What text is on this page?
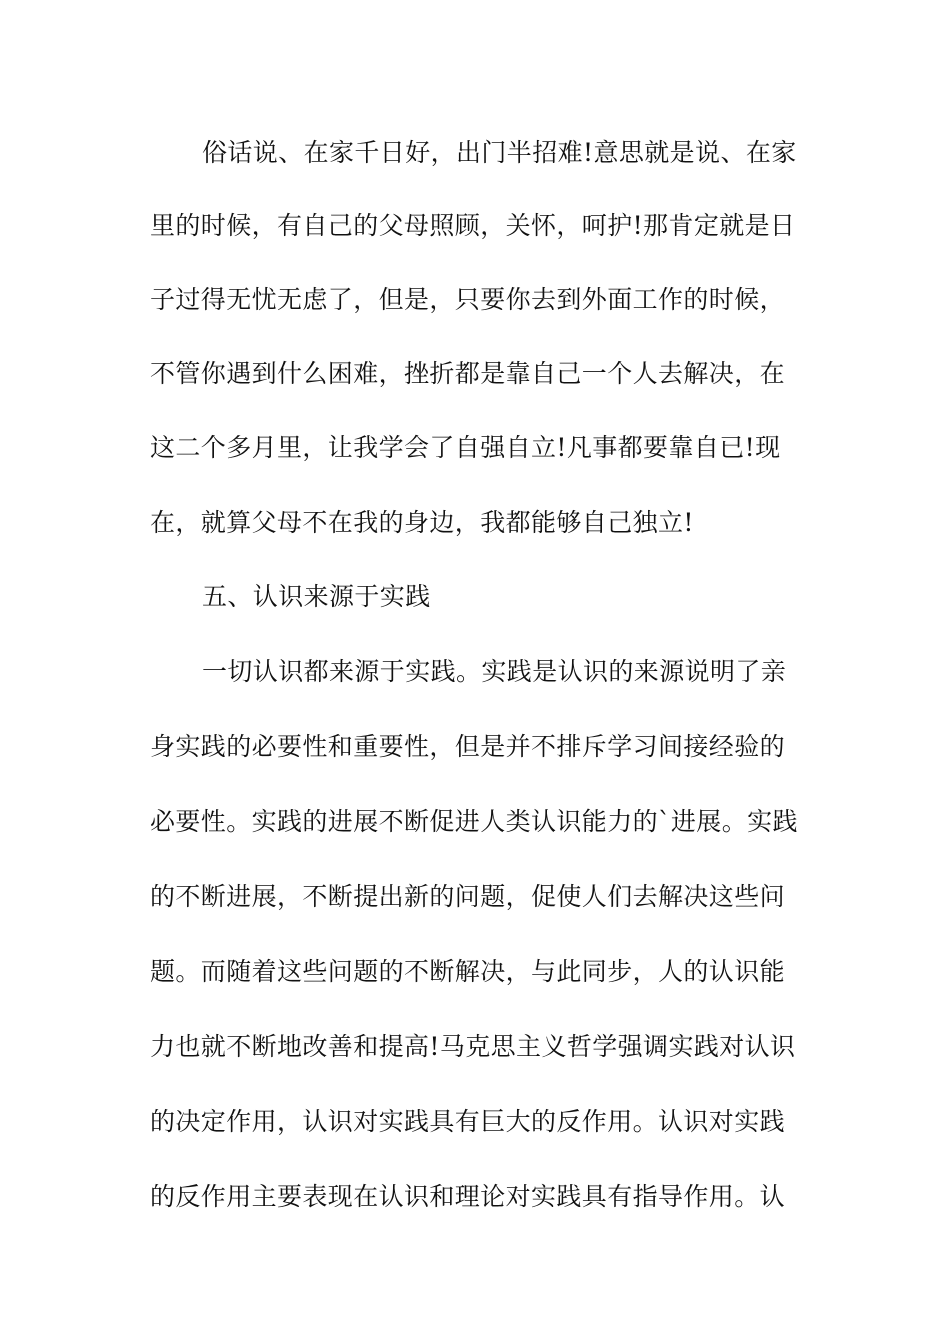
俗话说、在家千日好，出门半招难!意思就是说、在家
里的时候，有自己的父母照顾，关怀，呵护!那肯定就是日
子过得无忧无虑了，但是，只要你去到外面工作的时候，
不管你遇到什么困难，挫折都是靠自己一个人去解决，在
这二个多月里，让我学会了自强自立!凡事都要靠自已!现
在，就算父母不在我的身边，我都能够自己独立!
五、认识来源于实践
一切认识都来源于实践。实践是认识的来源说明了亲
身实践的必要性和重要性，但是并不排斥学习间接经验的
必要性。实践的进展不断促进人类认识能力的`进展。实践
的不断进展，不断提出新的问题，促使人们去解决这些问
题。而随着这些问题的不断解决，与此同步，人的认识能
力也就不断地改善和提高!马克思主义哲学强调实践对认识
的决定作用，认识对实践具有巨大的反作用。认识对实践
的反作用主要表现在认识和理论对实践具有指导作用。认
